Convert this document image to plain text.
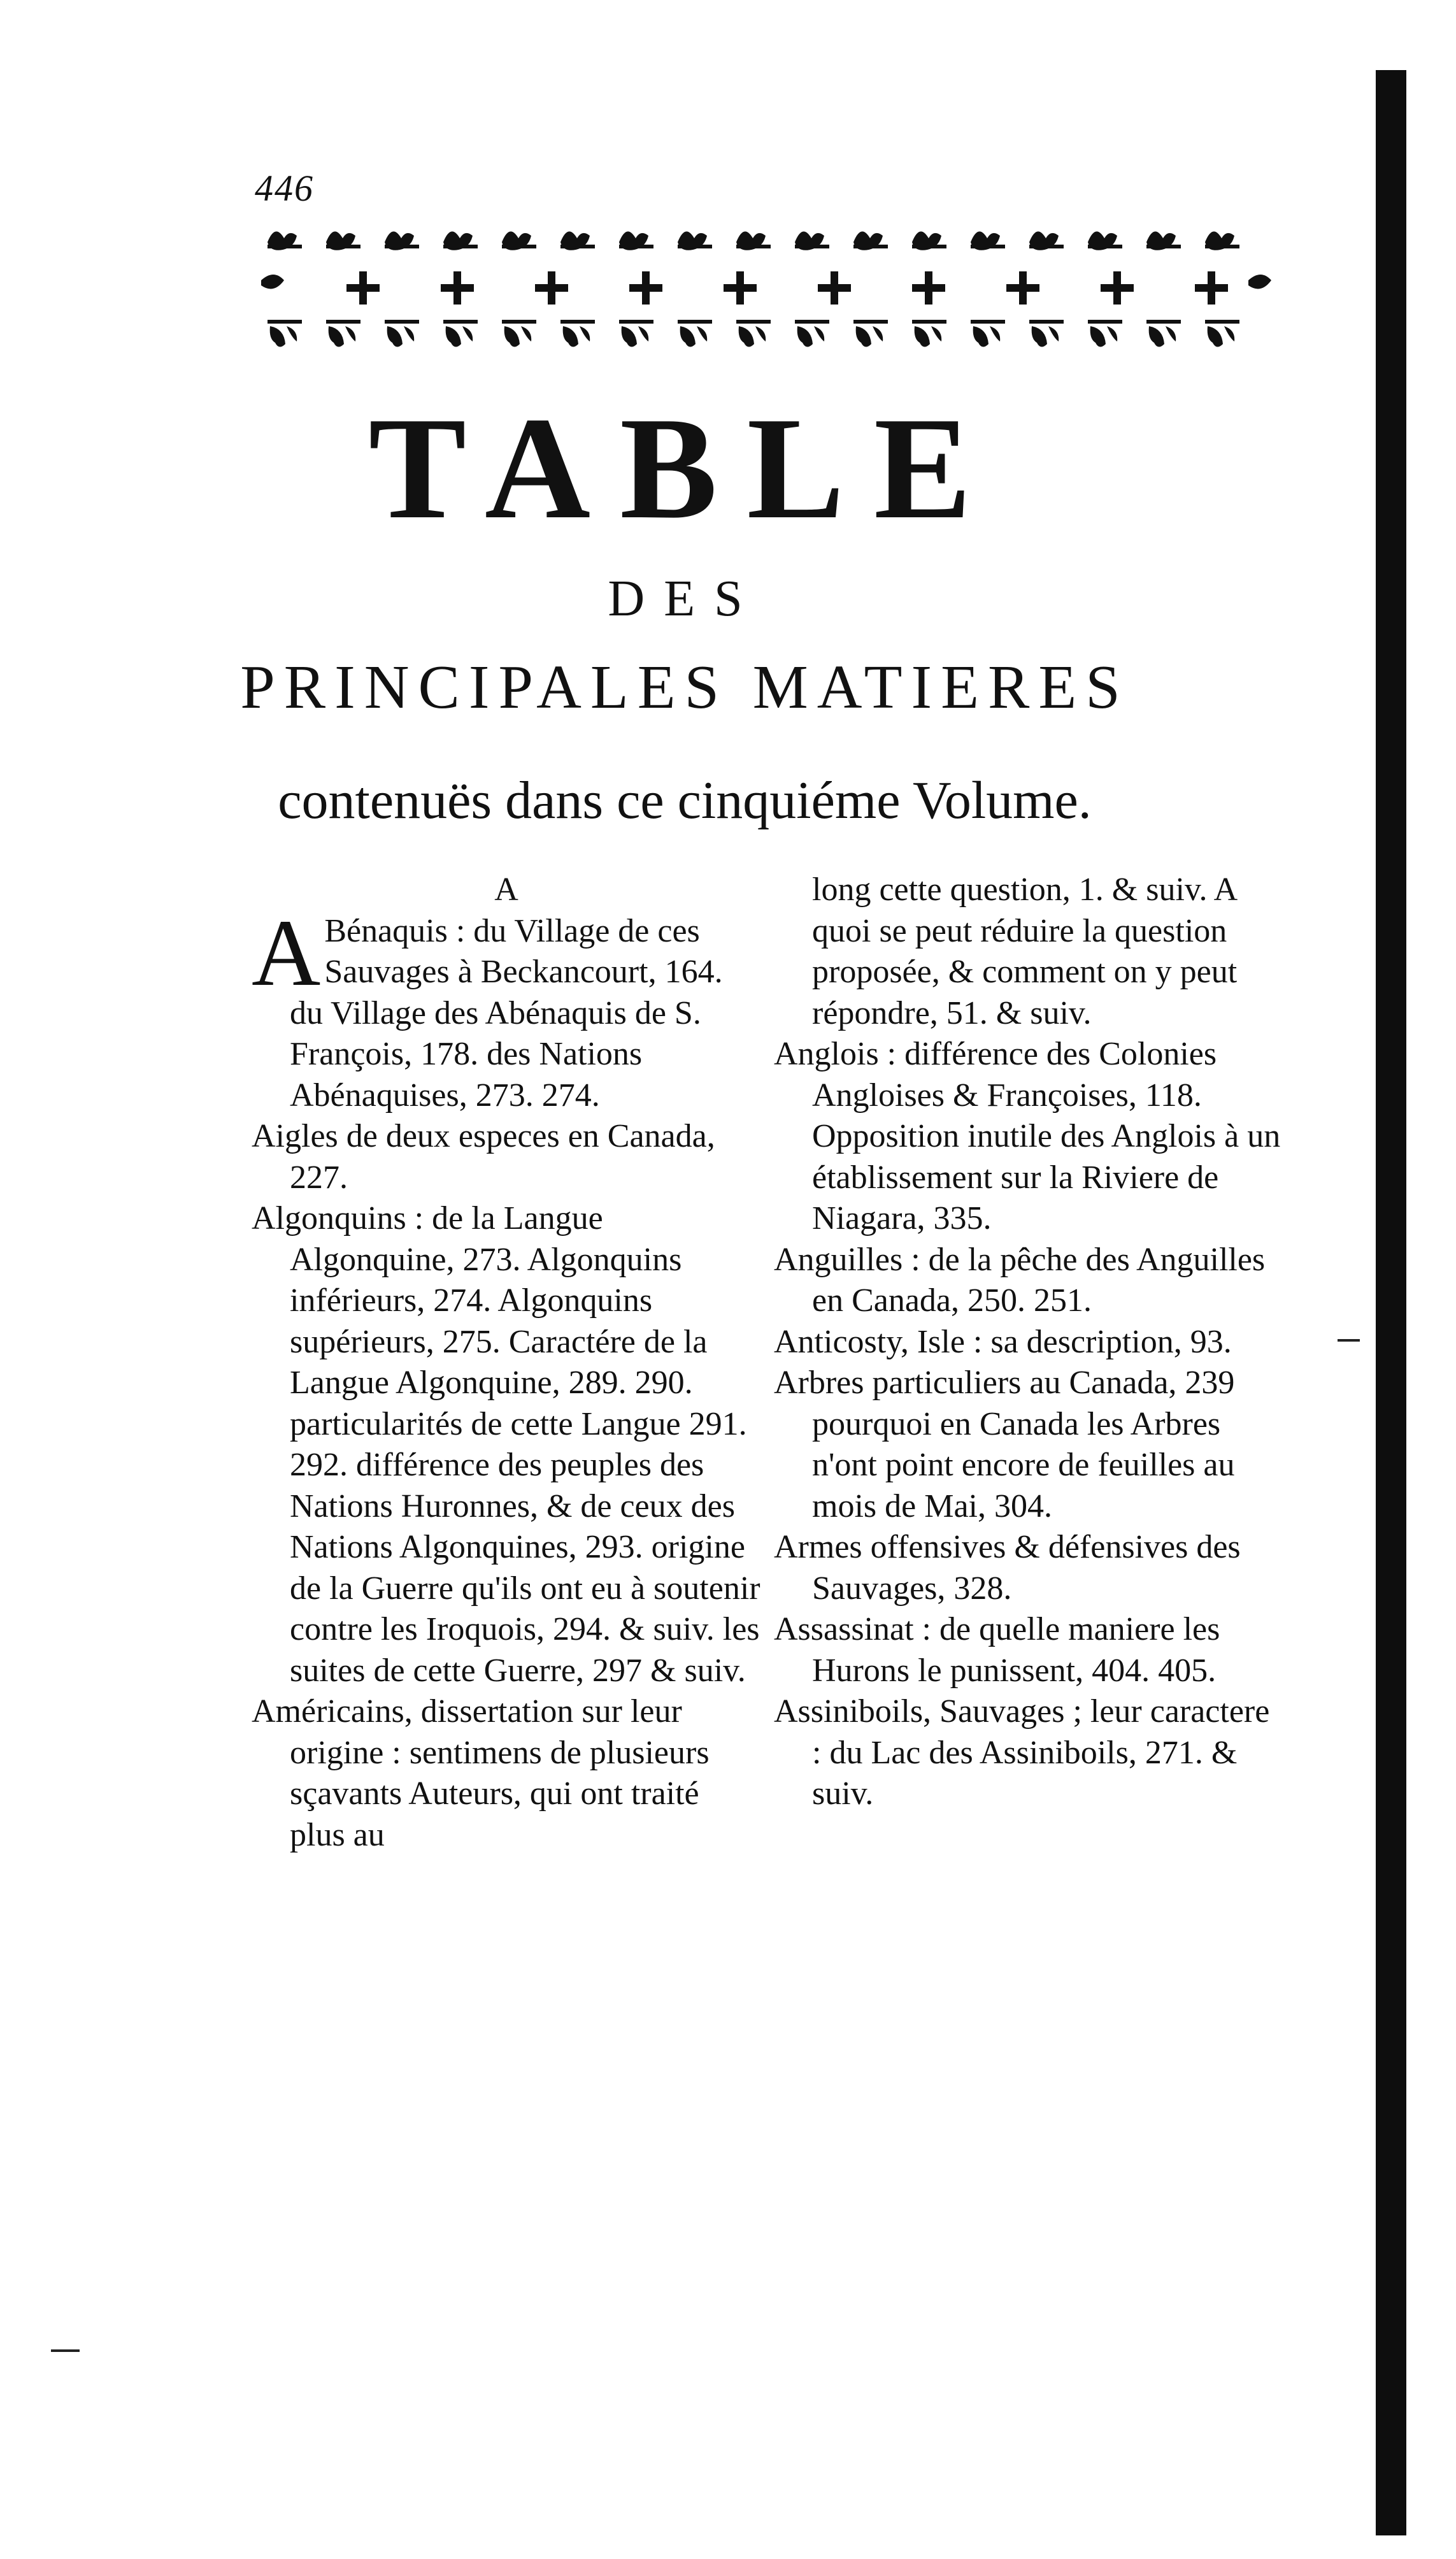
446
TABLE
DES
PRINCIPALES MATIERES
contenuës dans ce cinquiéme Volume.
A

A Bénaquis : du Village de ces Sauvages à Beckancourt, 164. du Village des Abénaquis de S. François, 178. des Nations Abénaquises, 273. 274.

Aigles de deux especes en Canada, 227.

Algonquins : de la Langue Algonquine, 273. Algonquins inférieurs, 274. Algonquins supérieurs, 275. Caractére de la Langue Algonquine, 289. 290. particularités de cette Langue 291. 292. différence des peuples des Nations Huronnes, & de ceux des Nations Algonquines, 293. origine de la Guerre qu'ils ont eu à soutenir contre les Iroquois, 294. & suiv. les suites de cette Guerre, 297 & suiv.

Américains, dissertation sur leur origine : sentimens de plusieurs sçavants Auteurs, qui ont traité plus au

long cette question, 1. & suiv. A quoi se peut réduire la question proposée, & comment on y peut répondre, 51. & suiv.

Anglois : différence des Colonies Angloises & Françoises, 118. Opposition inutile des Anglois à un établissement sur la Riviere de Niagara, 335.

Anguilles : de la pêche des Anguilles en Canada, 250. 251.

Anticosty, Isle : sa description, 93.

Arbres particuliers au Canada, 239 pourquoi en Canada les Arbres n'ont point encore de feuilles au mois de Mai, 304.

Armes offensives & défensives des Sauvages, 328.

Assassinat : de quelle maniere les Hurons le punissent, 404. 405.

Assiniboils, Sauvages ; leur caractere : du Lac des Assiniboils, 271. & suiv.
